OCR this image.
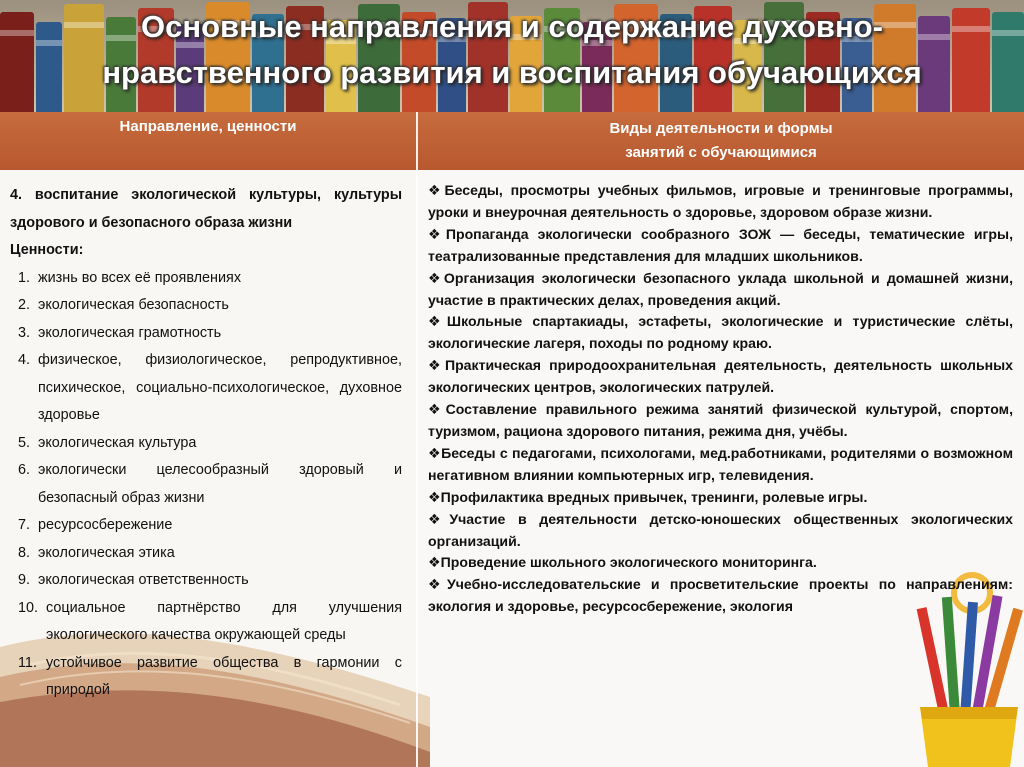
Основные направления и содержание духовно-
нравственного развития и воспитания обучающихся
Направление, ценности	Виды деятельности и формы
занятий с обучающимися
4. воспитание экологической культуры, культуры здорового и безопасного образа жизни
Ценности:
1. жизнь во всех её проявлениях
2. экологическая безопасность
3. экологическая грамотность
4. физическое, физиологическое, репродуктивное, психическое, социально-психологическое, духовное здоровье
5. экологическая культура
6. экологически целесообразный здоровый и безопасный образ жизни
7. ресурсосбережение
8. экологическая этика
9. экологическая ответственность
10. социальное партнёрство для улучшения экологического качества окружающей среды
11. устойчивое развитие общества в гармонии с природой
❖Беседы, просмотры учебных фильмов, игровые и тренинговые программы, уроки и внеурочная деятельность о здоровье, здоровом образе жизни.
❖Пропаганда экологически сообразного ЗОЖ — беседы, тематические игры, театрализованные представления для младших школьников.
❖Организация экологически безопасного уклада школьной и домашней жизни, участие в практических делах, проведения акций.
❖Школьные спартакиады, эстафеты, экологические и туристические слёты, экологические лагеря, походы по родному краю.
❖Практическая природоохранительная деятельность, деятельность школьных экологических центров, экологических патрулей.
❖Составление правильного режима занятий физической культурой, спортом, туризмом, рациона здорового питания, режима дня, учёбы.
❖Беседы с педагогами, психологами, мед.работниками, родителями о возможном негативном влиянии компьютерных игр, телевидения.
❖Профилактика вредных привычек, тренинги, ролевые игры.
❖Участие в деятельности детско-юношеских общественных экологических организаций.
❖Проведение школьного экологического мониторинга.
❖Учебно-исследовательские и просветительские проекты по направлениям: экология и здоровье, ресурсосбережение, экология
